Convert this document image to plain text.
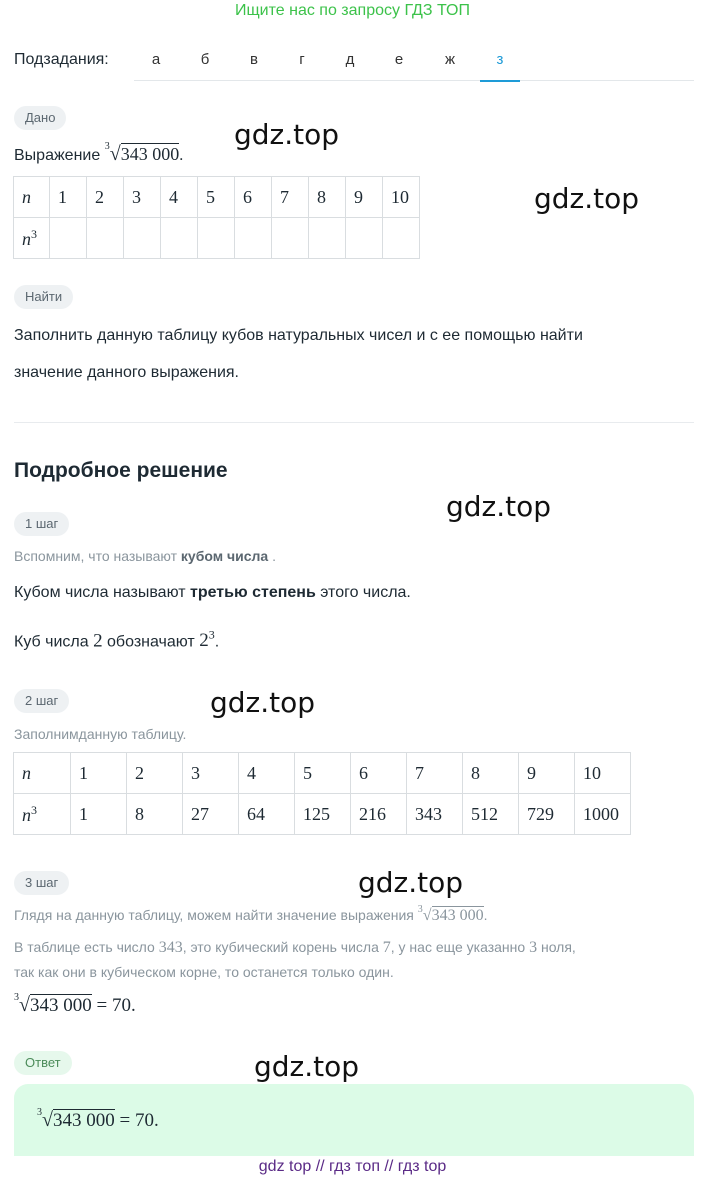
Ищите нас по запросу ГДЗ ТОП
Подзадания:	а	б	в	г	д	е	ж	з
Дано
Выражение $^3$√343 000.
n	1	2	3	4	5	6	7	8	9	10
$n^3$										
Найти
Заполнить данную таблицу кубов натуральных чисел и с ее помощью найти
значение данного выражения.
Подробное решение
1 шаг
Вспомним, что называют кубом числа .
Кубом числа называют третью степень этого числа.
Куб числа 2 обозначают $2^3$.
2 шаг
Заполнимданную таблицу.
n	1	2	3	4	5	6	7	8	9	10
$n^3$	1	8	27	64	125	216	343	512	729	1000
3 шаг
Глядя на данную таблицу, можем найти значение выражения $^3$√343 000.
В таблице есть число 343, это кубический корень числа 7, у нас еще указанно 3 ноля,
так как они в кубическом корне, то останется только один.
$^3$√343 000 = 70.
Ответ
$^3$√343 000 = 70.
gdz top // гдз топ // гдз top
gdz.top
gdz.top
gdz.top
gdz.top
gdz.top
gdz.top
